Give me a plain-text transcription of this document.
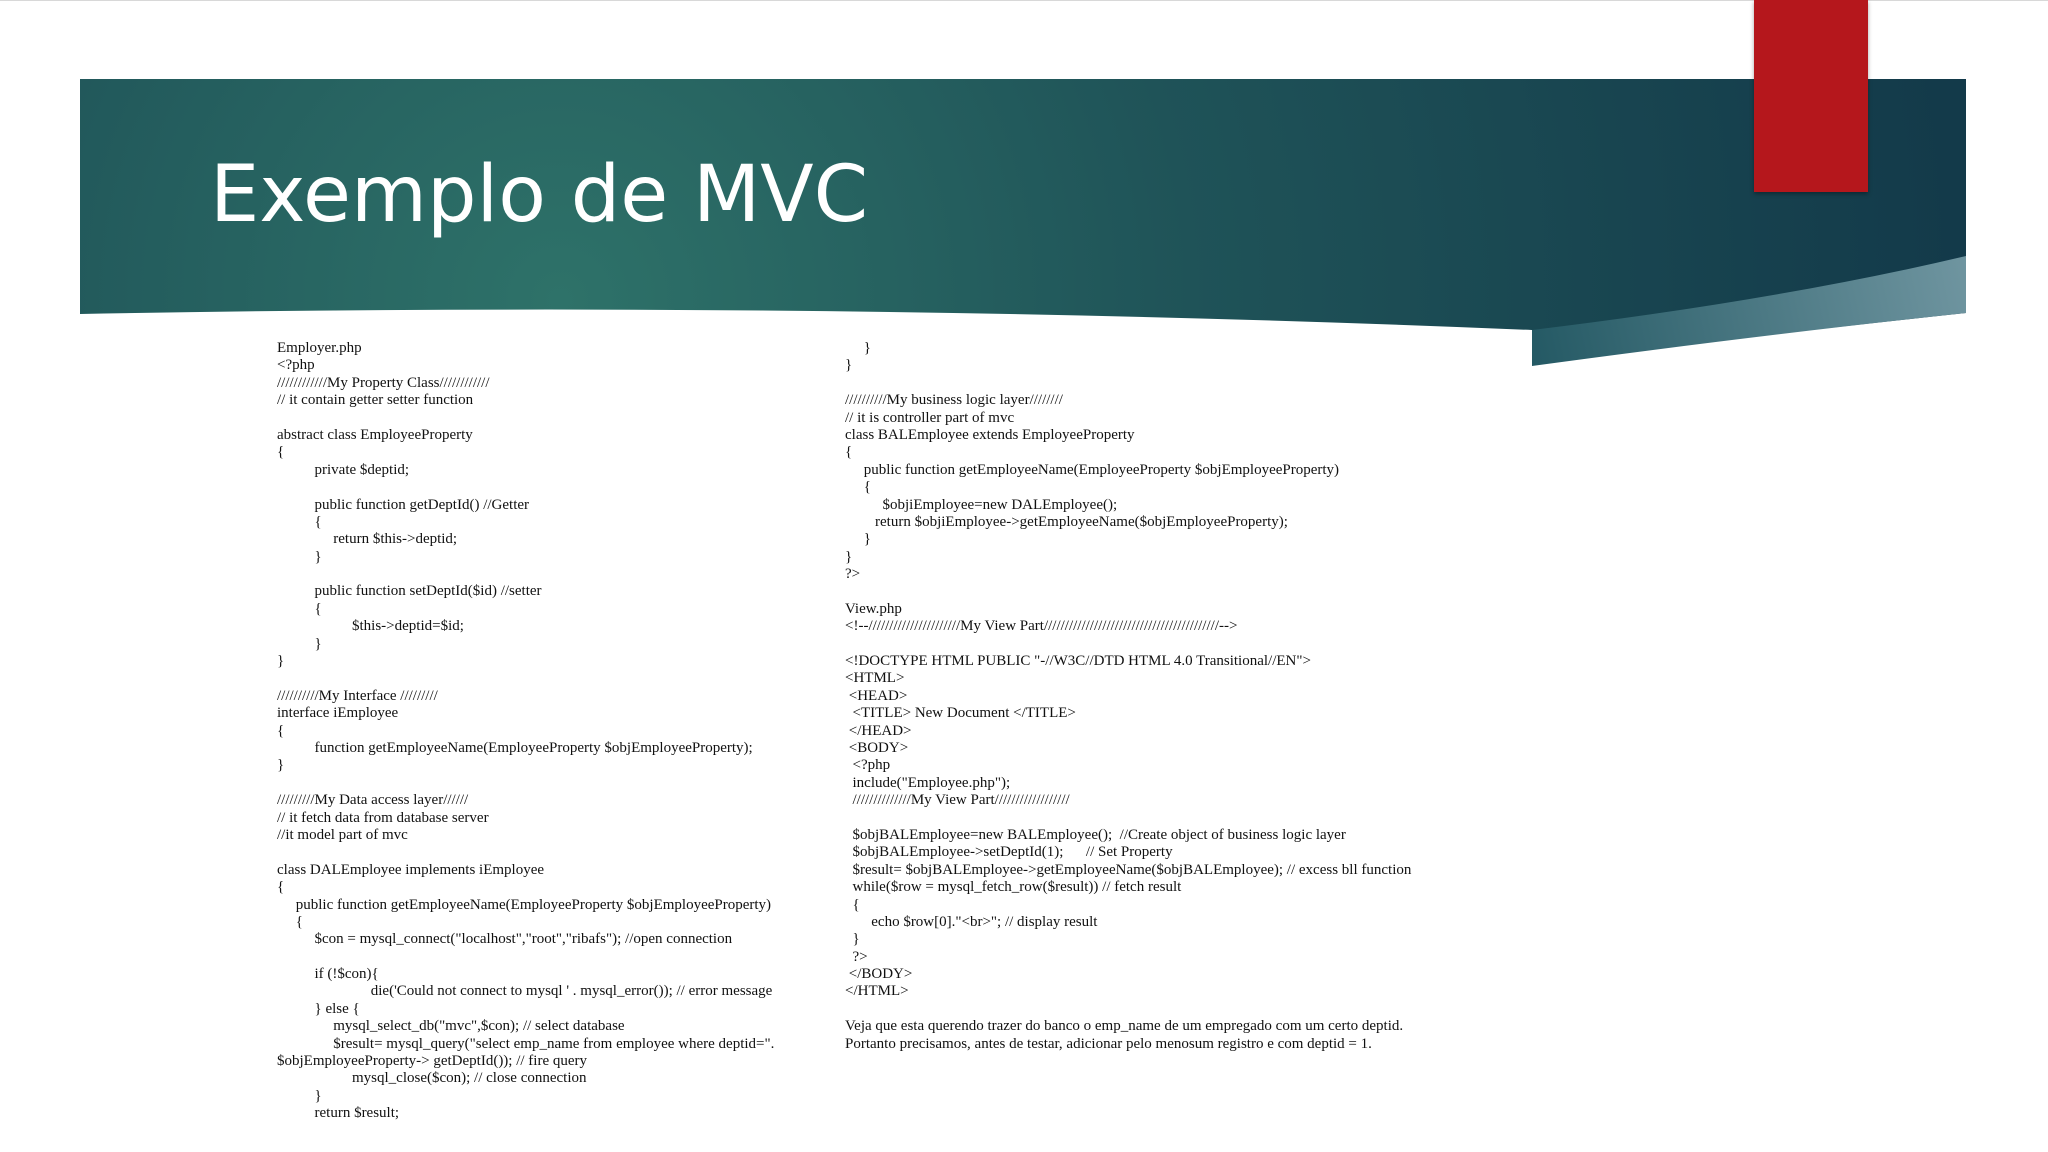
Exemplo de MVC
Employer.php
<?php
////////////My Property Class////////////
// it contain getter setter function
abstract class EmployeeProperty
{
private $deptid;
public function getDeptId() //Getter
{
return $this->deptid;
}
public function setDeptId($id) //setter
{
$this->deptid=$id;
}
}
//////////My Interface /////////
interface iEmployee
{
function getEmployeeName(EmployeeProperty $objEmployeeProperty);
}
/////////My Data access layer//////
// it fetch data from database server
//it model part of mvc
class DALEmployee implements iEmployee
{
public function getEmployeeName(EmployeeProperty $objEmployeeProperty)
{
$con = mysql_connect("localhost","root","ribafs"); //open connection
if (!$con){
die('Could not connect to mysql ' . mysql_error()); // error message
} else {
mysql_select_db("mvc",$con); // select database
$result= mysql_query("select emp_name from employee where deptid=".
$objEmployeeProperty-> getDeptId()); // fire query
mysql_close($con); // close connection
}
return $result;
}
}
//////////My business logic layer////////
// it is controller part of mvc
class BALEmployee extends EmployeeProperty
{
public function getEmployeeName(EmployeeProperty $objEmployeeProperty)
{
$objiEmployee=new DALEmployee();
return $objiEmployee->getEmployeeName($objEmployeeProperty);
}
}
?>
View.php
<!--//////////////////////My View Part//////////////////////////////////////////-->
<!DOCTYPE HTML PUBLIC "-//W3C//DTD HTML 4.0 Transitional//EN">
<HTML>
<HEAD>
<TITLE> New Document </TITLE>
</HEAD>
<BODY>
<?php
include("Employee.php");
//////////////My View Part//////////////////
$objBALEmployee=new BALEmployee();  //Create object of business logic layer
$objBALEmployee->setDeptId(1);      // Set Property
$result= $objBALEmployee->getEmployeeName($objBALEmployee); // excess bll function
while($row = mysql_fetch_row($result)) // fetch result
{
echo $row[0]."<br>"; // display result
}
?>
</BODY>
</HTML>
Veja que esta querendo trazer do banco o emp_name de um empregado com um certo deptid.
Portanto precisamos, antes de testar, adicionar pelo menosum registro e com deptid = 1.
